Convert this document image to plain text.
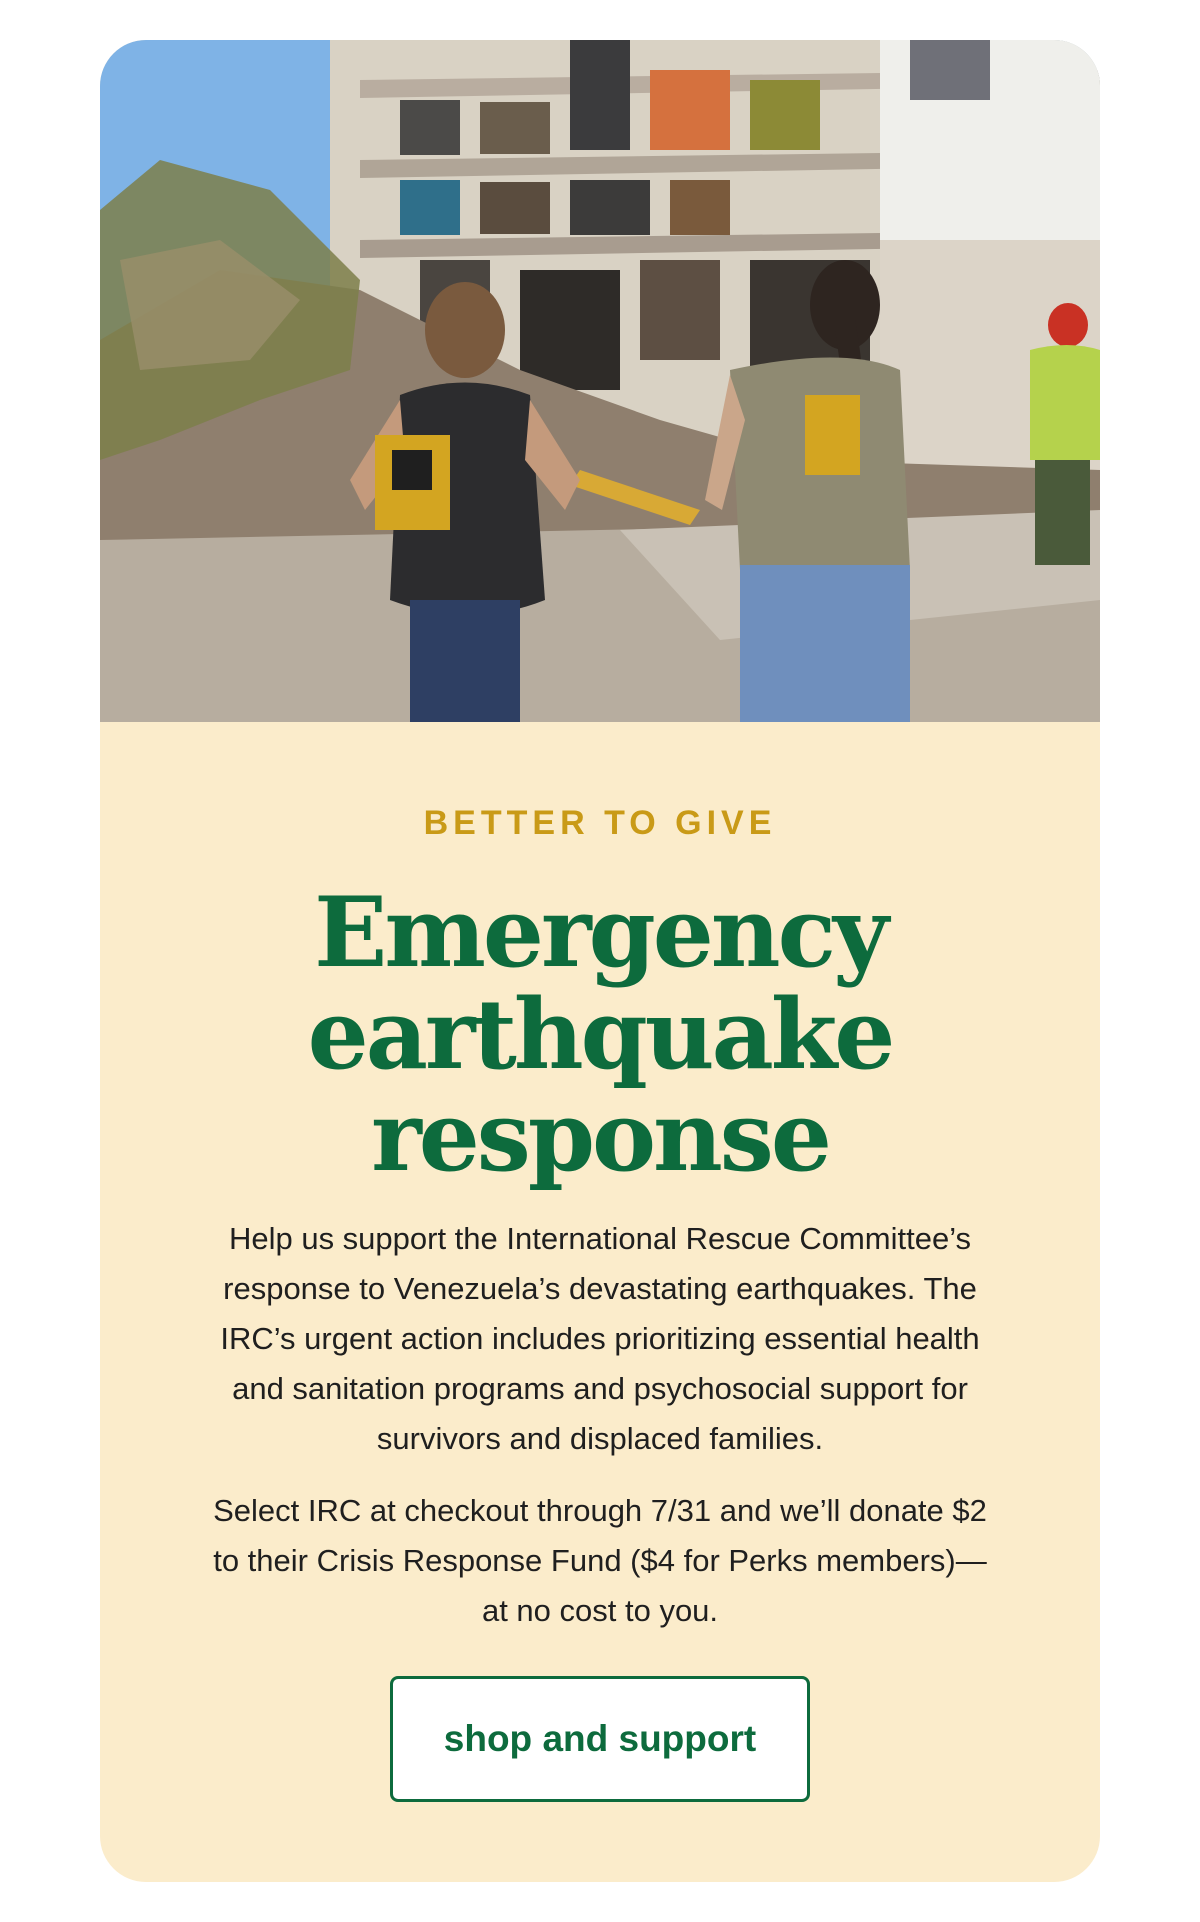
BETTER TO GIVE
Emergency
earthquake
response

Help us support the International Rescue Committee’s
response to Venezuela’s devastating earthquakes. The
IRC’s urgent action includes prioritizing essential health
and sanitation programs and psychosocial support for
survivors and displaced families.

Select IRC at checkout through 7/31 and we’ll donate $2
to their Crisis Response Fund ($4 for Perks members)—
at no cost to you.

shop and support
